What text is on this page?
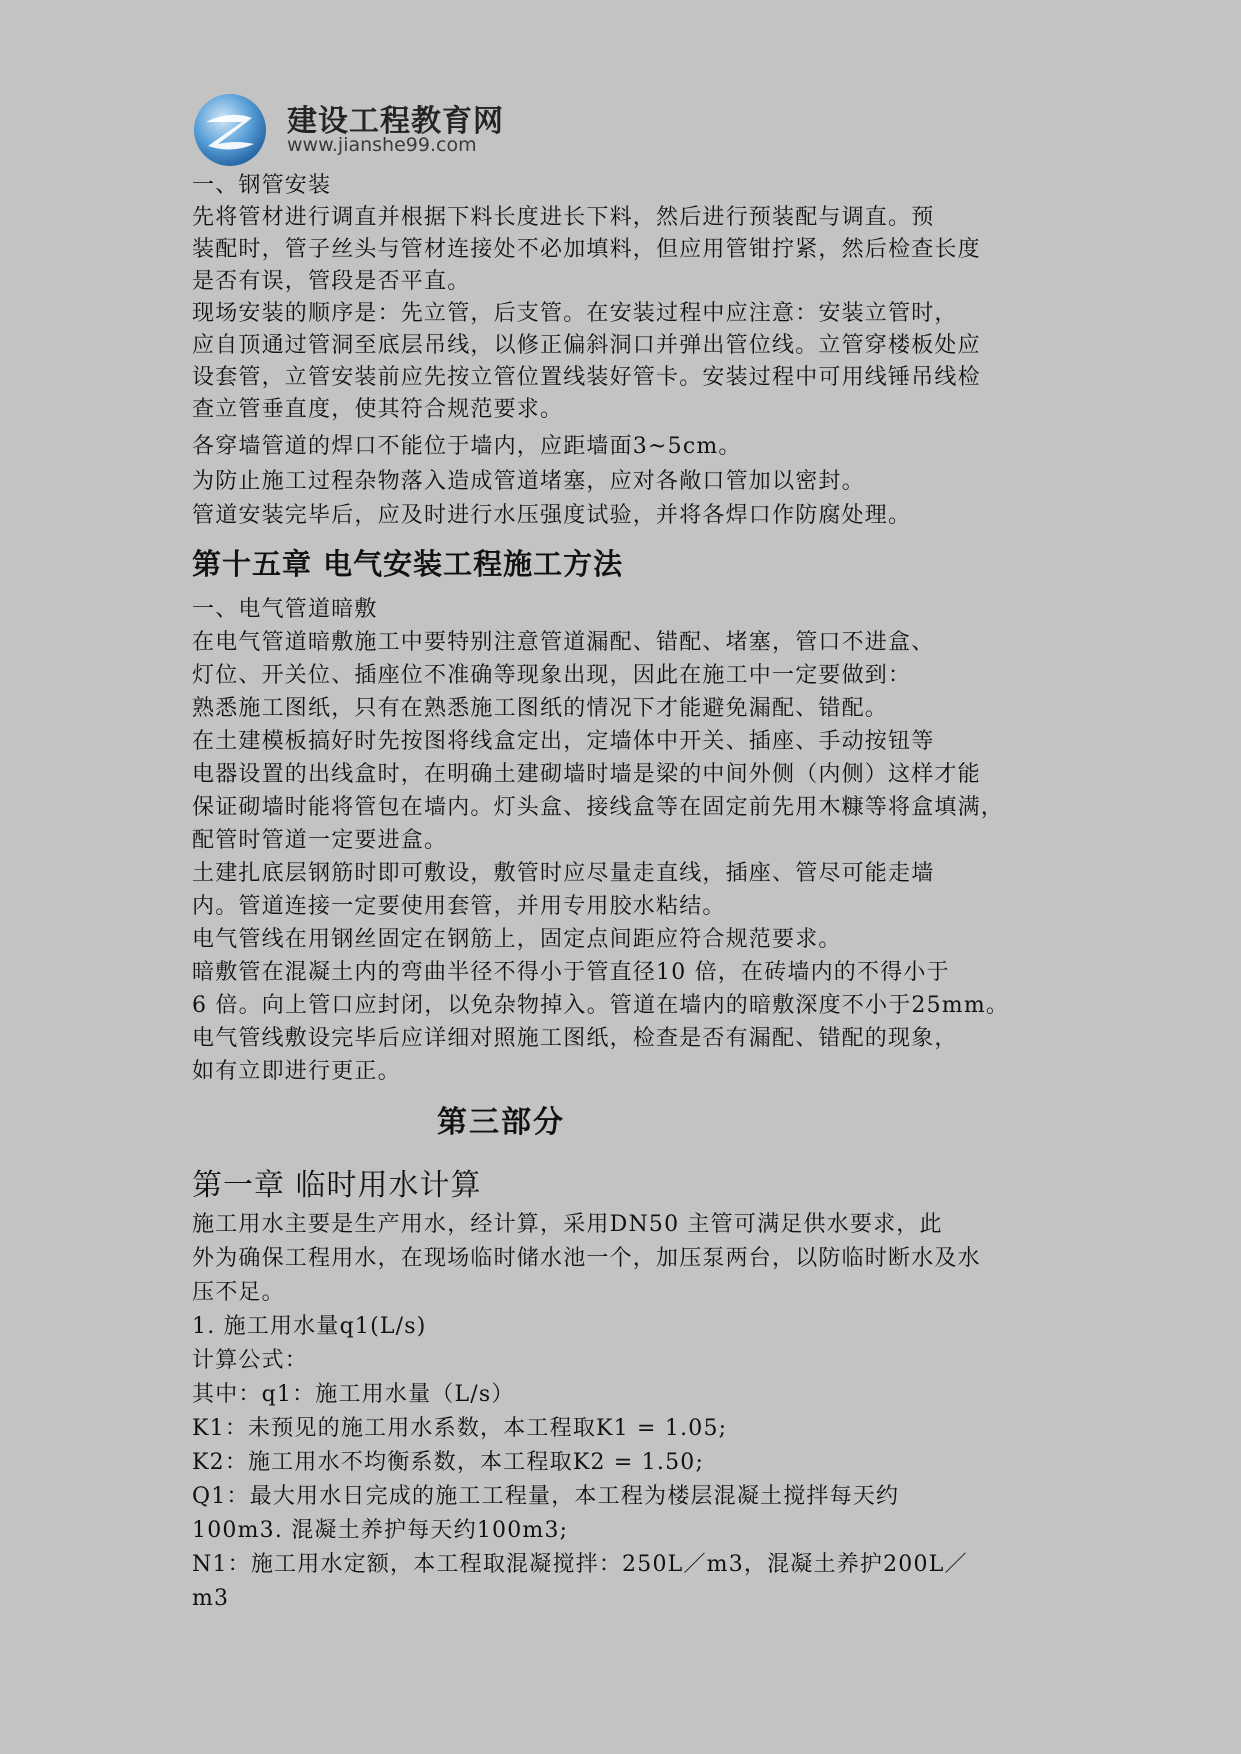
建设工程教育网
www.jianshe99.com
一、钢管安装
先将管材进行调直并根据下料长度进长下料，然后进行预装配与调直。预
装配时，管子丝头与管材连接处不必加填料，但应用管钳拧紧，然后检查长度
是否有误，管段是否平直。
现场安装的顺序是：先立管，后支管。在安装过程中应注意：安装立管时，
应自顶通过管洞至底层吊线，以修正偏斜洞口并弹出管位线。立管穿楼板处应
设套管，立管安装前应先按立管位置线装好管卡。安装过程中可用线锤吊线检
查立管垂直度，使其符合规范要求。
各穿墙管道的焊口不能位于墙内，应距墙面3~5cm。
为防止施工过程杂物落入造成管道堵塞，应对各敞口管加以密封。
管道安装完毕后，应及时进行水压强度试验，并将各焊口作防腐处理。
第十五章 电气安装工程施工方法
一、电气管道暗敷
在电气管道暗敷施工中要特别注意管道漏配、错配、堵塞，管口不进盒、
灯位、开关位、插座位不准确等现象出现，因此在施工中一定要做到：
熟悉施工图纸，只有在熟悉施工图纸的情况下才能避免漏配、错配。
在土建模板搞好时先按图将线盒定出，定墙体中开关、插座、手动按钮等
电器设置的出线盒时，在明确土建砌墙时墙是梁的中间外侧（内侧）这样才能
保证砌墙时能将管包在墙内。灯头盒、接线盒等在固定前先用木糠等将盒填满，
配管时管道一定要进盒。
土建扎底层钢筋时即可敷设，敷管时应尽量走直线，插座、管尽可能走墙
内。管道连接一定要使用套管，并用专用胶水粘结。
电气管线在用钢丝固定在钢筋上，固定点间距应符合规范要求。
暗敷管在混凝土内的弯曲半径不得小于管直径10 倍，在砖墙内的不得小于
6 倍。向上管口应封闭，以免杂物掉入。管道在墙内的暗敷深度不小于25mm。
电气管线敷设完毕后应详细对照施工图纸，检查是否有漏配、错配的现象，
如有立即进行更正。
第三部分
第一章 临时用水计算
施工用水主要是生产用水，经计算，采用DN50 主管可满足供水要求，此
外为确保工程用水，在现场临时储水池一个，加压泵两台，以防临时断水及水
压不足。
1. 施工用水量q1(L/s)
计算公式：
其中：q1：施工用水量（L/s）
K1：未预见的施工用水系数，本工程取K1 = 1.05;
K2：施工用水不均衡系数，本工程取K2 = 1.50;
Q1：最大用水日完成的施工工程量，本工程为楼层混凝土搅拌每天约
100m3. 混凝土养护每天约100m3;
N1：施工用水定额，本工程取混凝搅拌：250L／m3，混凝土养护200L／
m3
